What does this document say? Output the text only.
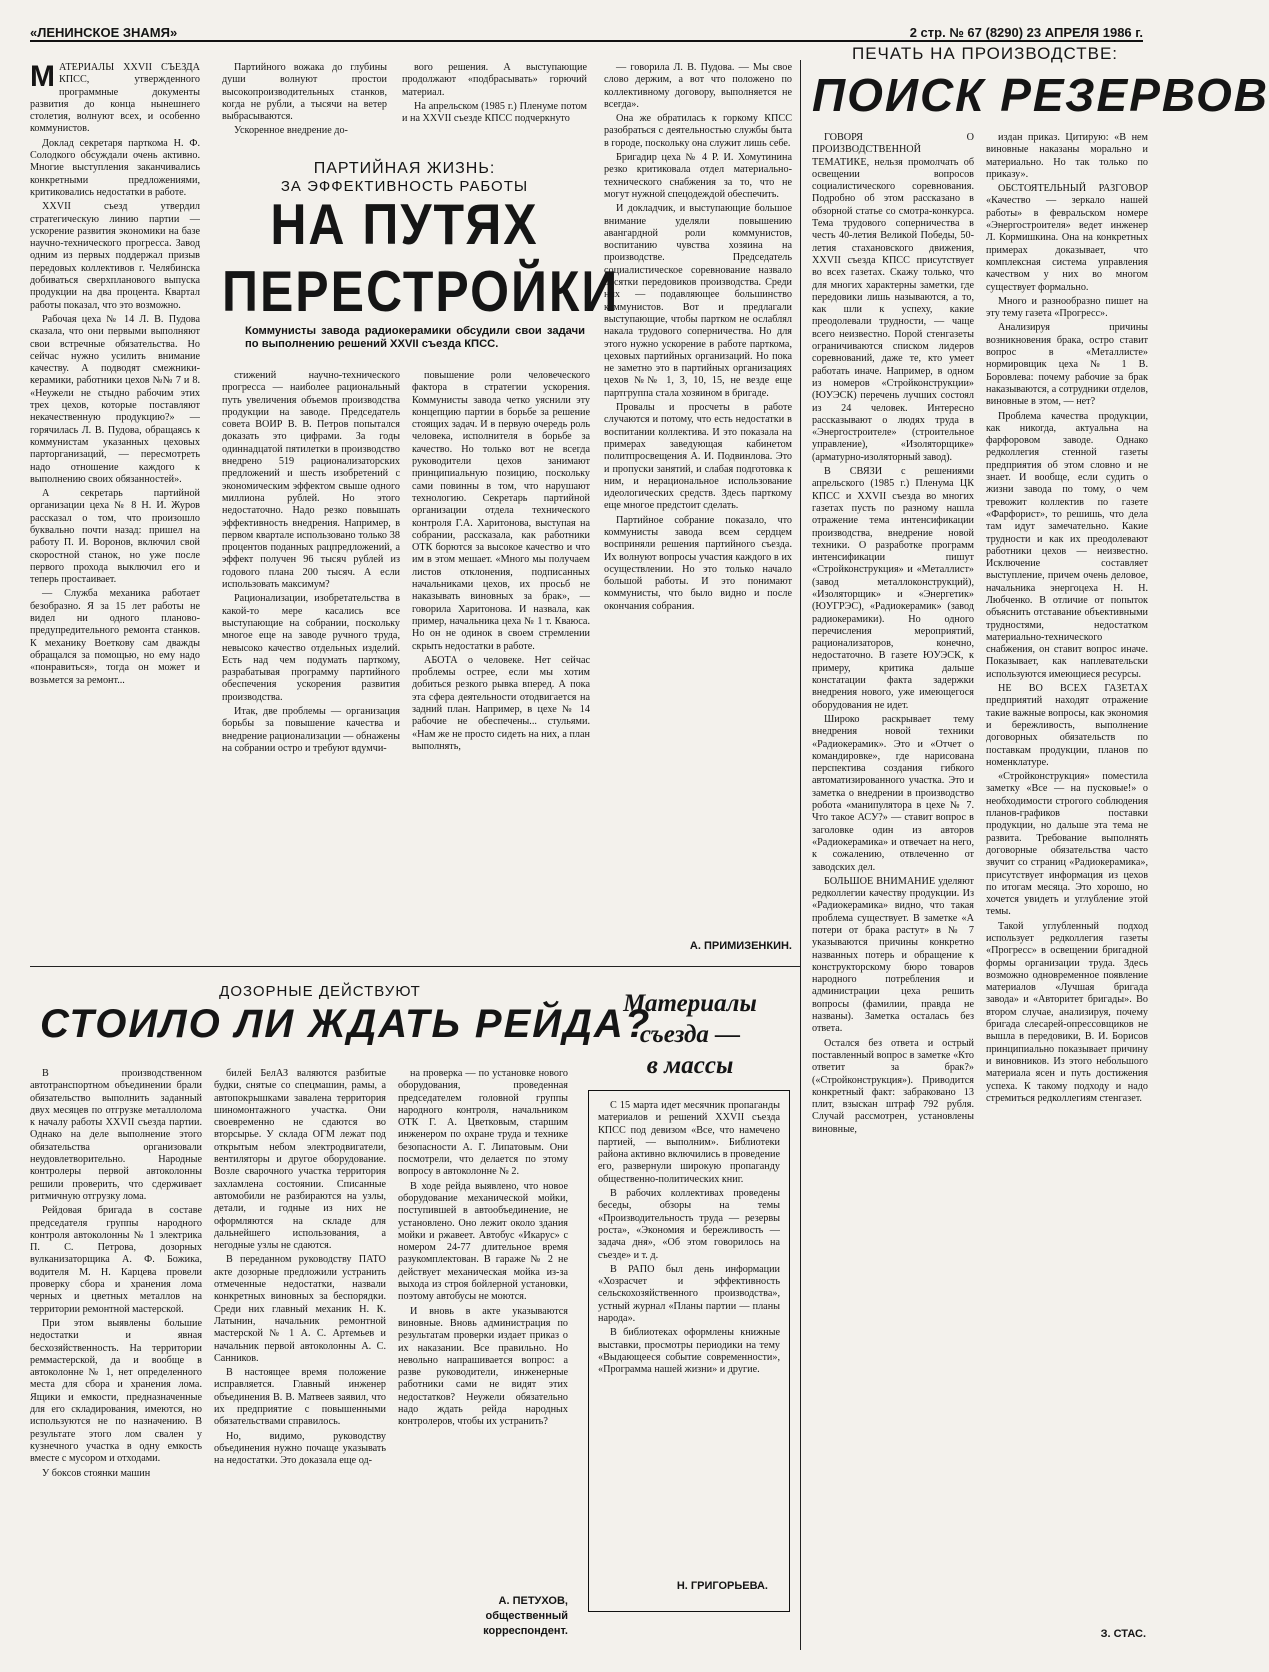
«ЛЕНИНСКОЕ ЗНАМЯ»	2 стр. № 67 (8290) 23 АПРЕЛЯ 1986 г.

МАТЕРИАЛЫ XXVII СЪЕЗДА КПСС, утвержденного программные документы развития до конца нынешнего столетия, волнуют всех, и особенно коммунистов.

Доклад секретаря парткома Н. Ф. Солодкого обсуждали очень активно. Многие выступления заканчивались конкретными предложениями, критиковались недостатки в работе.

XXVII съезд утвердил стратегическую линию партии — ускорение развития экономики на базе научно-технического прогресса. Завод одним из первых поддержал призыв передовых коллективов г. Челябинска добиваться сверхпланового выпуска продукции на два процента. Квартал работы показал, что это возможно.

Рабочая цеха № 14 Л. В. Пудова сказала, что они первыми выполняют свои встречные обязательства. Но сейчас нужно усилить внимание качеству. А подводят смежники-керамики, работники цехов №№ 7 и 8. «Неужели не стыдно рабочим этих трех цехов, которые поставляют некачественную продукцию?» — горячилась Л. В. Пудова, обращаясь к коммунистам указанных цеховых парторганизаций, — пересмотреть надо отношение каждого к выполнению своих обязанностей».

А секретарь партийной организации цеха № 8 Н. И. Журов рассказал о том, что произошло буквально почти назад: пришел на работу П. И. Воронов, включил свой скоростной станок, но уже после первого прохода выключил его и теперь простаивает.

— Служба механика работает безобразно. Я за 15 лет работы не видел ни одного планово-предупредительного ремонта станков. К механику Воеткову сам дважды обращался за помощью, но ему надо «понравиться», тогда он может и возьмется за ремонт...

Партийного вожака до глубины души волнуют простои высокопроизводительных станков, когда не рубли, а тысячи на ветер выбрасываются.

Ускоренное внедрение до-

вого решения. А выступающие продолжают «подбрасывать» горючий материал.

На апрельском (1985 г.) Пленуме потом и на XXVII съезде КПСС подчеркнуто

ПАРТИЙНАЯ ЖИЗНЬ:
ЗА ЭФФЕКТИВНОСТЬ РАБОТЫ
НА ПУТЯХ
ПЕРЕСТРОЙКИ
Коммунисты завода радиокерамики обсудили свои задачи по выполнению решений XXVII съезда КПСС.

стижений научно-технического прогресса — наиболее рациональный путь увеличения объемов производства продукции на заводе. Председатель совета ВОИР В. В. Петров попытался доказать это цифрами. За годы одиннадцатой пятилетки в производство внедрено 519 рационализаторских предложений и шесть изобретений с экономическим эффектом свыше одного миллиона рублей. Но этого недостаточно. Надо резко повышать эффективность внедрения. Например, в первом квартале использовано только 38 процентов поданных рацпредложений, а эффект получен 96 тысяч рублей из годового плана 200 тысяч. А если использовать максимум?

Рационализации, изобретательства в какой-то мере касались все выступающие на собрании, поскольку многое еще на заводе ручного труда, невысоко качество отдельных изделий. Есть над чем подумать парткому, разрабатывая программу партийного обеспечения ускорения развития производства.

Итак, две проблемы — организация борьбы за повышение качества и внедрение рационализации — обнажены на собрании остро и требуют вдумчи-

повышение роли человеческого фактора в стратегии ускорения. Коммунисты завода четко уяснили эту концепцию партии в борьбе за решение стоящих задач. И в первую очередь роль человека, исполнителя в борьбе за качество. Но только вот не всегда руководители цехов занимают принципиальную позицию, поскольку сами повинны в том, что нарушают технологию. Секретарь партийной организации отдела технического контроля Г.А. Харитонова, выступая на собрании, рассказала, как работники ОТК борются за высокое качество и что им в этом мешает. «Много мы получаем листов отклонения, подписанных начальниками цехов, их просьб не наказывать виновных за брак», — говорила Харитонова. И назвала, как пример, начальника цеха № 1 т. Кваюса. Но он не одинок в своем стремлении скрыть недостатки в работе.

АБОТА о человеке. Нет сейчас проблемы острее, если мы хотим добиться резкого рывка вперед. А пока эта сфера деятельности отодвигается на задний план. Например, в цехе № 14 рабочие не обеспечены... стульями. «Нам же не просто сидеть на них, а план выполнять,

— говорила Л. В. Пудова. — Мы свое слово держим, а вот что положено по коллективному договору, выполняется не всегда».

Она же обратилась к горкому КПСС разобраться с деятельностью службы быта в городе, поскольку она служит лишь себе.

Бригадир цеха № 4 Р. И. Хомутинина резко критиковала отдел материально-технического снабжения за то, что не могут нужной спецодеждой обеспечить.

И докладчик, и выступающие большое внимание уделяли повышению авангардной роли коммунистов, воспитанию чувства хозяина на производстве. Председатель социалистическое соревнование назвало десятки передовиков производства. Среди них — подавляющее большинство коммунистов. Вот и предлагали выступающие, чтобы партком не ослаблял накала трудового соперничества. Но для этого нужно ускорение в работе парткома, цеховых партийных организаций. Но пока не заметно это в партийных организациях цехов №№ 1, 3, 10, 15, не везде еще партгруппа стала хозяином в бригаде.

Провалы и просчеты в работе случаются и потому, что есть недостатки в воспитании коллектива. И это показала на примерах заведующая кабинетом политпросвещения А. И. Подвинлова. Это и пропуски занятий, и слабая подготовка к ним, и нерациональное использование идеологических средств. Здесь парткому еще многое предстоит сделать.

Партийное собрание показало, что коммунисты завода всем сердцем восприняли решения партийного съезда. Их волнуют вопросы участия каждого в их осуществлении. Но это только начало большой работы. И это понимают коммунисты, что было видно и после окончания собрания.

А. ПРИМИЗЕНКИН.
ПЕЧАТЬ НА ПРОИЗВОДСТВЕ:
ПОИСК РЕЗЕРВОВ

ГОВОРЯ О ПРОИЗВОДСТВЕННОЙ ТЕМАТИКЕ, нельзя промолчать об освещении вопросов социалистического соревнования. Подробно об этом рассказано в обзорной статье со смотра-конкурса. Тема трудового соперничества в честь 40-летия Великой Победы, 50-летия стахановского движения, XXVII съезда КПСС присутствует во всех газетах. Скажу только, что для многих характерны заметки, где передовики лишь называются, а то, как шли к успеху, какие преодолевали трудности, — чаще всего неизвестно. Порой стенгазеты ограничиваются списком лидеров соревнований, даже те, кто умеет работать иначе. Например, в одном из номеров «Стройконструкции» (ЮУЭСК) перечень лучших состоял из 24 человек. Интересно рассказывают о людях труда в «Энергостроителе» (строительное управление), «Изоляторщике» (арматурно-изоляторный завод).

В СВЯЗИ с решениями апрельского (1985 г.) Пленума ЦК КПСС и XXVII съезда во многих газетах пусть по разному нашла отражение тема интенсификации производства, внедрение новой техники. О разработке программ интенсификации пишут «Стройконструкция» и «Металлист» (завод металлоконструкций), «Изоляторщик» и «Энергетик» (ЮУГРЭС), «Радиокерамик» (завод радиокерамики). Но одного перечисления мероприятий, рационализаторов, конечно, недостаточно. В газете ЮУЭСК, к примеру, критика дальше констатации факта задержки внедрения нового, уже имеющегося оборудования не идет.

Широко раскрывает тему внедрения новой техники «Радиокерамик». Это и «Отчет о командировке», где нарисована перспектива создания гибкого автоматизированного участка. Это и заметка о внедрении в производство робота «манипулятора в цехе № 7. Что такое АСУ?» — ставит вопрос в заголовке один из авторов «Радиокерамика» и отвечает на него, к сожалению, отвлеченно от заводских дел.

БОЛЬШОЕ ВНИМАНИЕ уделяют редколлегии качеству продукции. Из «Радиокерамика» видно, что такая проблема существует. В заметке «А потери от брака растут» в № 7 указываются причины конкретно названных потерь и обращение к конструкторскому бюро товаров народного потребления и администрации цеха решить вопросы (фамилии, правда не названы). Заметка осталась без ответа.

Остался без ответа и острый поставленный вопрос в заметке «Кто ответит за брак?» («Стройконструкция»). Приводится конкретный факт: забраковано 13 плит, взыскан штраф 792 рубля. Случай рассмотрен, установлены виновные,

издан приказ. Цитирую: «В нем виновные наказаны морально и материально. Но так только по приказу».

ОБСТОЯТЕЛЬНЫЙ РАЗГОВОР «Качество — зеркало нашей работы» в февральском номере «Энергостроителя» ведет инженер Л. Кормишкина. Она на конкретных примерах доказывает, что комплексная система управления качеством у них во многом существует формально.

Много и разнообразно пишет на эту тему газета «Прогресс».

Анализируя причины возникновения брака, остро ставит вопрос в «Металлисте» нормировщик цеха № 1 В. Боровлева: почему рабочие за брак наказываются, а сотрудники отделов, виновные в этом, — нет?

Проблема качества продукции, как никогда, актуальна на фарфоровом заводе. Однако редколлегия стенной газеты предприятия об этом словно и не знает. И вообще, если судить о жизни завода по тому, о чем тревожит коллектив по газете «Фарфорист», то решишь, что дела там идут замечательно. Какие трудности и как их преодолевают работники цехов — неизвестно. Исключение составляет выступление, причем очень деловое, начальника энергоцеха Н. Н. Любченко. В отличие от попыток объяснить отставание объективными трудностями, недостатком материально-технического снабжения, он ставит вопрос иначе. Показывает, как наплевательски используются имеющиеся ресурсы.

НЕ ВО ВСЕХ ГАЗЕТАХ предприятий находят отражение такие важные вопросы, как экономия и бережливость, выполнение договорных обязательств по поставкам продукции, планов по номенклатуре.

«Стройконструкция» поместила заметку «Все — на пусковые!» о необходимости строгого соблюдения планов-графиков поставки продукции, но дальше эта тема не развита. Требование выполнять договорные обязательства часто звучит со страниц «Радиокерамика», присутствует информация из цехов по итогам месяца. Это хорошо, но хочется увидеть и углубление этой темы.

Такой углубленный подход использует редколлегия газеты «Прогресс» в освещении бригадной формы организации труда. Здесь возможно одновременное появление материалов «Лучшая бригада завода» и «Авторитет бригады». Во втором случае, анализируя, почему бригада слесарей-опрессовщиков не вышла в передовики, В. И. Борисов принципиально показывает причину и виновников. Из этого небольшого материала ясен и путь достижения успеха. К такому подходу и надо стремиться редколлегиям стенгазет.

З. СТАС.
ДОЗОРНЫЕ ДЕЙСТВУЮТ
СТОИЛО ЛИ ЖДАТЬ РЕЙДА?

В производственном автотранспортном объединении брали обязательство выполнить заданный двух месяцев по отгрузке металлолома к началу работы XXVII съезда партии. Однако на деле выполнение этого обязательства организовали неудовлетворительно. Народные контролеры первой автоколонны решили проверить, что сдерживает ритмичную отгрузку лома.

Рейдовая бригада в составе председателя группы народного контроля автоколонны № 1 электрика П. С. Петрова, дозорных вулканизаторщика А. Ф. Божика, водителя М. Н. Карцева провели проверку сбора и хранения лома черных и цветных металлов на территории ремонтной мастерской.

При этом выявлены большие недостатки и явная бесхозяйственность. На территории реммастерской, да и вообще в автоколонне № 1, нет определенного места для сбора и хранения лома. Ящики и емкости, предназначенные для его складирования, имеются, но используются не по назначению. В результате этого лом свален у кузнечного участка в одну емкость вместе с мусором и отходами.

У боксов стоянки машин

билей БелАЗ валяются разбитые будки, снятые со спецмашин, рамы, а автопокрышками завалена территория шиномонтажного участка. Они своевременно не сдаются во вторсырье. У склада ОГМ лежат под открытым небом электродвигатели, вентиляторы и другое оборудование. Возле сварочного участка территория захламлена состоянии. Списанные автомобили не разбираются на узлы, детали, и годные из них не оформляются на складе для дальнейшего использования, а негодные узлы не сдаются.

В переданном руководству ПАТО акте дозорные предложили устранить отмеченные недостатки, назвали конкретных виновных за беспорядки. Среди них главный механик Н. К. Латынин, начальник ремонтной мастерской № 1 А. С. Артемьев и начальник первой автоколонны А. С. Санников.

В настоящее время положение исправляется. Главный инженер объединения В. В. Матвеев заявил, что их предприятие с повышенными обязательствами справилось.

Но, видимо, руководству объединения нужно почаще указывать на недостатки. Это доказала еще од-

на проверка — по установке нового оборудования, проведенная председателем головной группы народного контроля, начальником ОТК Г. А. Цветковым, старшим инженером по охране труда и технике безопасности А. Г. Липатовым. Они посмотрели, что делается по этому вопросу в автоколонне № 2.

В ходе рейда выявлено, что новое оборудование механической мойки, поступившей в автообъединение, не установлено. Оно лежит около здания мойки и ржавеет. Автобус «Икарус» с номером 24-77 длительное время разукомплектован. В гараже № 2 не действует механическая мойка из-за выхода из строя бойлерной установки, поэтому автобусы не моются.

И вновь в акте указываются виновные. Вновь администрация по результатам проверки издает приказ о их наказании. Все правильно. Но невольно напрашивается вопрос: а разве руководители, инженерные работники сами не видят этих недостатков? Неужели обязательно надо ждать рейда народных контролеров, чтобы их устранить?

А. ПЕТУХОВ,
общественный корреспондент.
Материалы
съезда —
в массы

С 15 марта идет месячник пропаганды материалов и решений XXVII съезда КПСС под девизом «Все, что намечено партией, — выполним». Библиотеки района активно включились в проведение его, развернули широкую пропаганду общественно-политических книг.

В рабочих коллективах проведены беседы, обзоры на темы «Производительность труда — резервы роста», «Экономия и бережливость — задача дня», «Об этом говорилось на съезде» и т. д.

В РАПО был день информации «Хозрасчет и эффективность сельскохозяйственного производства», устный журнал «Планы партии — планы народа».

В библиотеках оформлены книжные выставки, просмотры периодики на тему «Выдающееся событие современности», «Программа нашей жизни» и другие.

Н. ГРИГОРЬЕВА.
